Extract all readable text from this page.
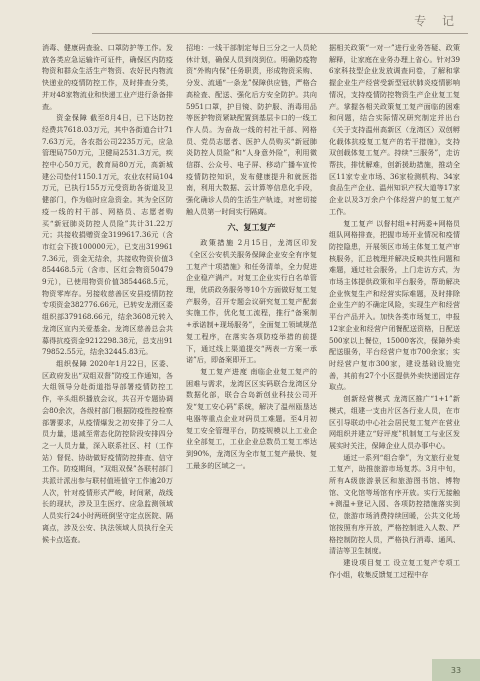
专 记

消毒、健康码查验、口罩防护等工作。发放各类应急运输许可证件，确保区内防疫物资和群众生活生产物资、农好民内物流快递业的疫情防控工作，及时排查分类，并对48家物流业和快递工业产进行条备排查。

资金保障 截至8月4日，已下达防控经费共7618.03万元，其中各街道合计717.63万元，各农指公司2235万元，应急管理局750万元，卫健局2531.3万元，疾控中心50万元，教育局80万元，高新城建公司垫付1150.1万元，农业农村局104万元，已执行155万元受资助各街道及卫健部门，作为临时应急资金。其为全区防疫一线的村干部、网格员、志愿者购买“新冠肺炎防控人员险”共计31.22万元；共接收捐赠资金3199617.36元（含市红会下拨100000元），已支出3199617.36元，资金无结余，共接收物资价值3854468.5元（含市、区红会物资504799元），已使用物资价值3854468.5元，物资零库存。另接收慈善区安县疫情防控专项资金382776.66元，已转安龙滑区委组织部379168.66元，结余3608元转入龙湾区宣内关爱基金。龙湾区慈善总会共募得抗疫资金9212298.38元，总支出9179852.55元，结余32445.83元。

组织保障 2020年1月22日，区委、区政府发出“双组双督”防疫工作通知，各大组领导分赴街道指导部署疫情防控工作，辛头组织播放会议，共召开专题协调会80余次，各级村部门根据防疫性控检察部署要求，从疫情爆发之初安排了分二人员力量，退减至常态化防控阶段安排四分之一人员力量，深入联系社区、村（工作站）督促、协助做好疫情防控排查、信守工作。防疫期间，“双组双保”各联村部门共派计派出参与联村值班值守工作逾20万人次，针对疫情形式严峻，时间紧，战线长的现状，涉及卫生医疗、应急监测领域人员实行24小时两班倒坚守定点医院、隔离点，涉及公安、执法领域人员执行全天候卡点巡查。

招地：一线干部制定每日三分之一人员轮休计划，确保人员到岗到位。明确防疫物资“外购内保”任务职责，形成物资采购、分发、流通“一条龙”保障供应链，严格合高检查、配送、强化后方安全防护。共向5951口罩，护目镜、防护服、消毒用品等医护物资紧缺配置到基层卡口的一线工作人员。为奋战一线的村社干部、网格员、党员志愿者、医护人员购买“新冠肺炎防控人员险”和“人身意外险”，利用微信群、公众号、电子屏、移动广播车宣传疫情防控知识，发布健康提升和就医指南，利用大数据、云计算等信息化手段，强化确诊人员的生活生产轨迹，对密切接触人员第一时间实行隔离。

六、复工复产

政策措施 2月15日，龙湾区印发《全区公安机关服务保障企业安全有序复工复产十项措施》和任务清单，全力促进企业稳产满产。对复工企业实行白名单管理，优质政务服务等10个方面做好复工复产服务，召开专题会议研究复工复产配套实施工作，优化复工流程，推行“备案制+承诺制+现场服务”，全面复工领域规范复工程序，在落实各项防疫举措的前提下，通过线上渠道提交“两表一方案一承诺”后，即备案即开工。

复工复产进度 南临企业复工复产的困难与需求，龙湾区区实码联合龙湾区分数据化部，联合合岛新创业科技公司开发“复工安心码”系统，解决了温州瓯垦达电器等重点企业对码员工难题。至4月初复工安全管理平台，防疫规模以上工业企业全部复工，工业企业总数员工复工率达到90%，龙湾区为全市复工复产最快、复工最多的区域之一。

据相关政策“一对一”进行业务答疑、政策解释，让家庭在业务办理上省心。针对396家科技型企业发放调查问卷，了解和掌握企业生产经营受新型冠状肺炎疫情影响情况，支持疫情防控物资生产企业复工复产。掌握各相关政策复工复产面临的困难和问题，结合实际情况研究制定并出台《关于支持温州高新区（龙湾区）双创孵化载体抗疫复工复产的若干措施》，支持双创载体复工复产。持续“三服务”，走访帮扶，排忧解难，创新援助措施，推动全区11家专业市场、36家检测机构、34家食品生产企业、温州知识产权大道等17家企业以及3万余户个体经营户的复工复产工作。

复工复产 以督村组+村两委+网格员组队网格排查，把握市场开业情况和疫情防控隐患，开展领区市场主体复工复产审核服务，汇总梳理并解决反映共性问题和难题，通过社会服务，上门走访方式，为市场主体提供政策和平台服务，帮助解决企业恢复生产和经营实际难题，及时排除企业生产的不确定风险，实现生产和经营平台产品并入。加快各类市场复工，申报12家企业和经营户闭餐配送资格，日配送500家以上餐位，15000客次，保障外卖配送服务，平台经营户复市700余家；实时经营户复市300家，建设基础设施完善，其前有27个小区提供外卖快递固定存取点。

创新经营模式 龙湾区推广“1+1”新模式，组建一支由片区各行业人员，在市区引导联动中心社会居民复工复产在营业网组织并建立“好评度”机制复工与业区发展实时关注，保障企业人员办事中心。

通过一系列“组合拳”，为文旅行业复工复产，助推旅游市场复苏。3月中旬，所有A级旅游景区和旅游图书馆、博物馆、文化馆等场馆有序开放。实行无接触+测温+登记入园、各项防控措施落实到位，旅游市场消费持续回暖，公共文化场馆按照有序开放，严格控制进入人数、严格控制防控人员，严格执行消毒、通风、清洁等卫生制度。

建设项目复工 设立复工复产专项工作小组，收集反馈复工过程中存

33
